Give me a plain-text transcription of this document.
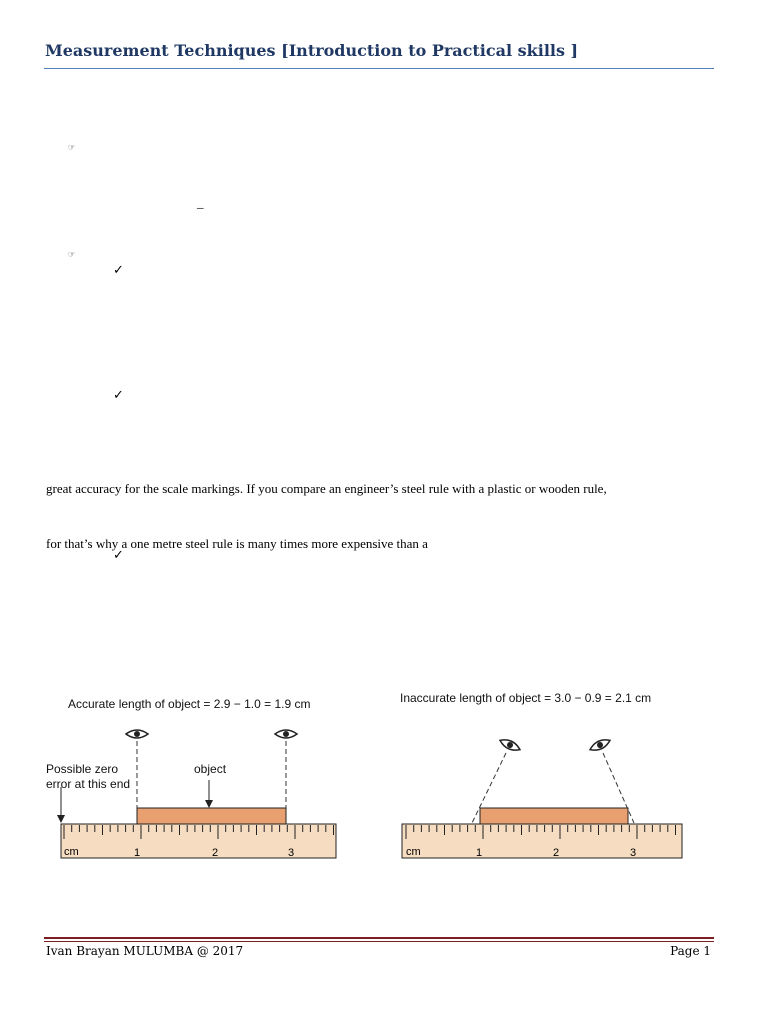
Measurement Techniques [Introduction to Practical skills ]
☞
_
☞
✓
✓
great accuracy for the scale markings. If you compare an engineer’s steel rule with a plastic or wooden rule,
for that’s why a one metre steel rule is many times more expensive than a
✓
Accurate length of object = 2.9 − 1.0 = 1.9 cm
Possible zero
error at this end
object
cm	1	2	3
Inaccurate length of object = 3.0 − 0.9 = 2.1 cm
cm	1	2	3
Ivan Brayan MULUMBA @ 2017	Page 1
